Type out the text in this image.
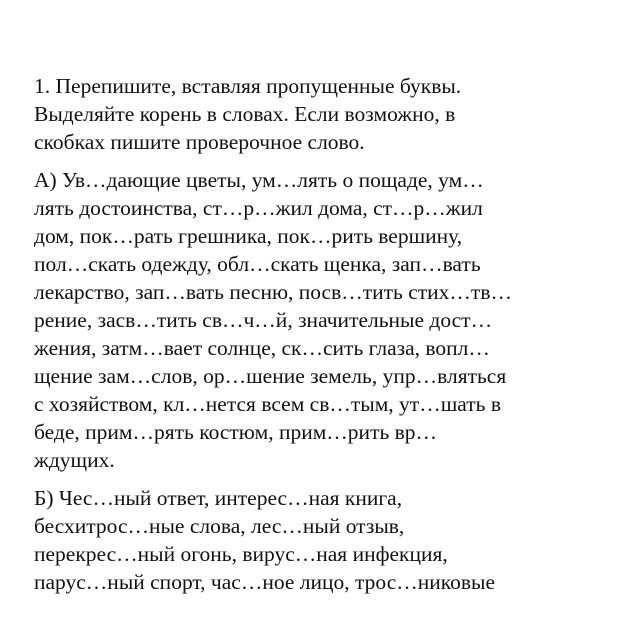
1. Перепишите, вставляя пропущенные буквы.
Выделяйте корень в словах. Если возможно, в
скобках пишите проверочное слово.
А) Ув…дающие цветы, ум…лять о пощаде, ум…
лять достоинства, ст…р…жил дома, ст…р…жил
дом, пок…рать грешника, пок…рить вершину,
пол…скать одежду, обл…скать щенка, зап…вать
лекарство, зап…вать песню, посв…тить стих…тв…
рение, засв…тить св…ч…й, значительные дост…
жения, затм…вает солнце, ск…сить глаза, вопл…
щение зам…слов, ор…шение земель, упр…вляться
с хозяйством, кл…нется всем св…тым, ут…шать в
беде, прим…рять костюм, прим…рить вр…
ждущих.
Б) Чес…ный ответ, интерес…ная книга,
бесхитрос…ные слова, лес…ный отзыв,
перекрес…ный огонь, вирус…ная инфекция,
парус…ный спорт, час…ное лицо, трос…никовые
